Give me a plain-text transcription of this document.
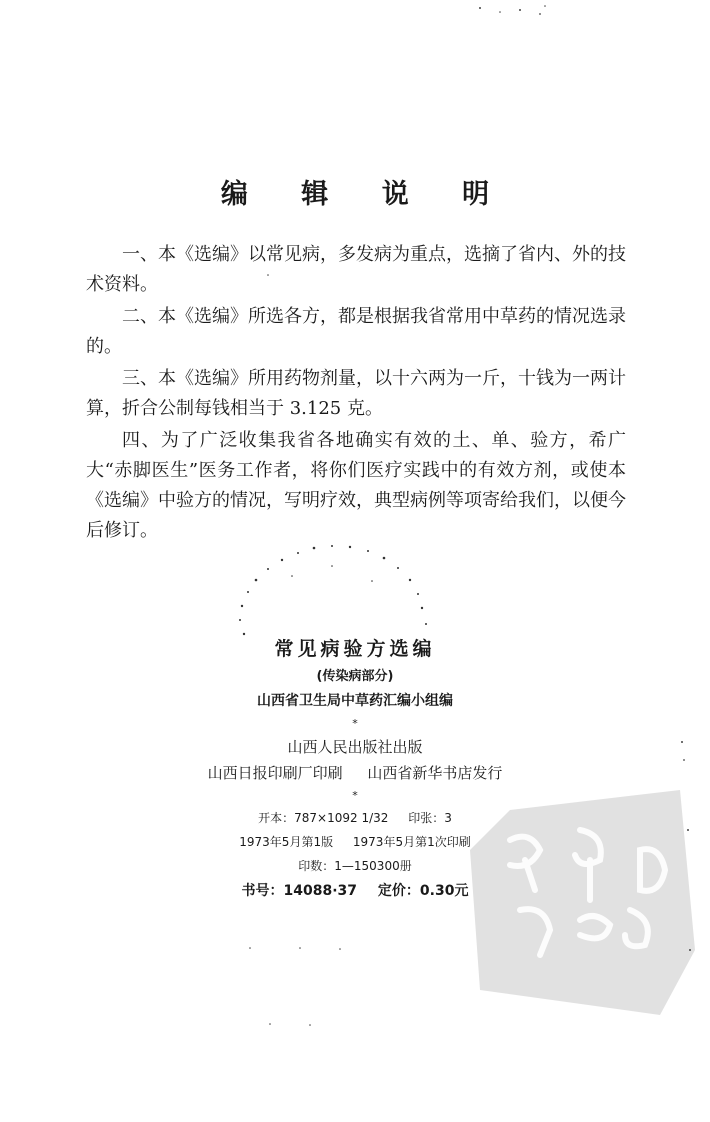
编 辑 说 明

一、本《选编》以常见病，多发病为重点，选摘了省内、外的技术资料。

二、本《选编》所选各方，都是根据我省常用中草药的情况选录的。

三、本《选编》所用药物剂量，以十六两为一斤，十钱为一两计算，折合公制每钱相当于 3.125 克。

四、为了广泛收集我省各地确实有效的土、单、验方，希广大“赤脚医生”医务工作者，将你们医疗实践中的有效方剂，或使本《选编》中验方的情况，写明疗效，典型病例等项寄给我们，以便今后修订。

常见病验方选编

(传染病部分)

山西省卫生局中草药汇编小组编

*

山西人民出版社出版

山西日报印刷厂印刷 山西省新华书店发行

*

开本：787×1092 1/32 印张：3

1973年5月第1版 1973年5月第1次印刷

印数：1—150300册

书号：14088·37 定价：0.30元
